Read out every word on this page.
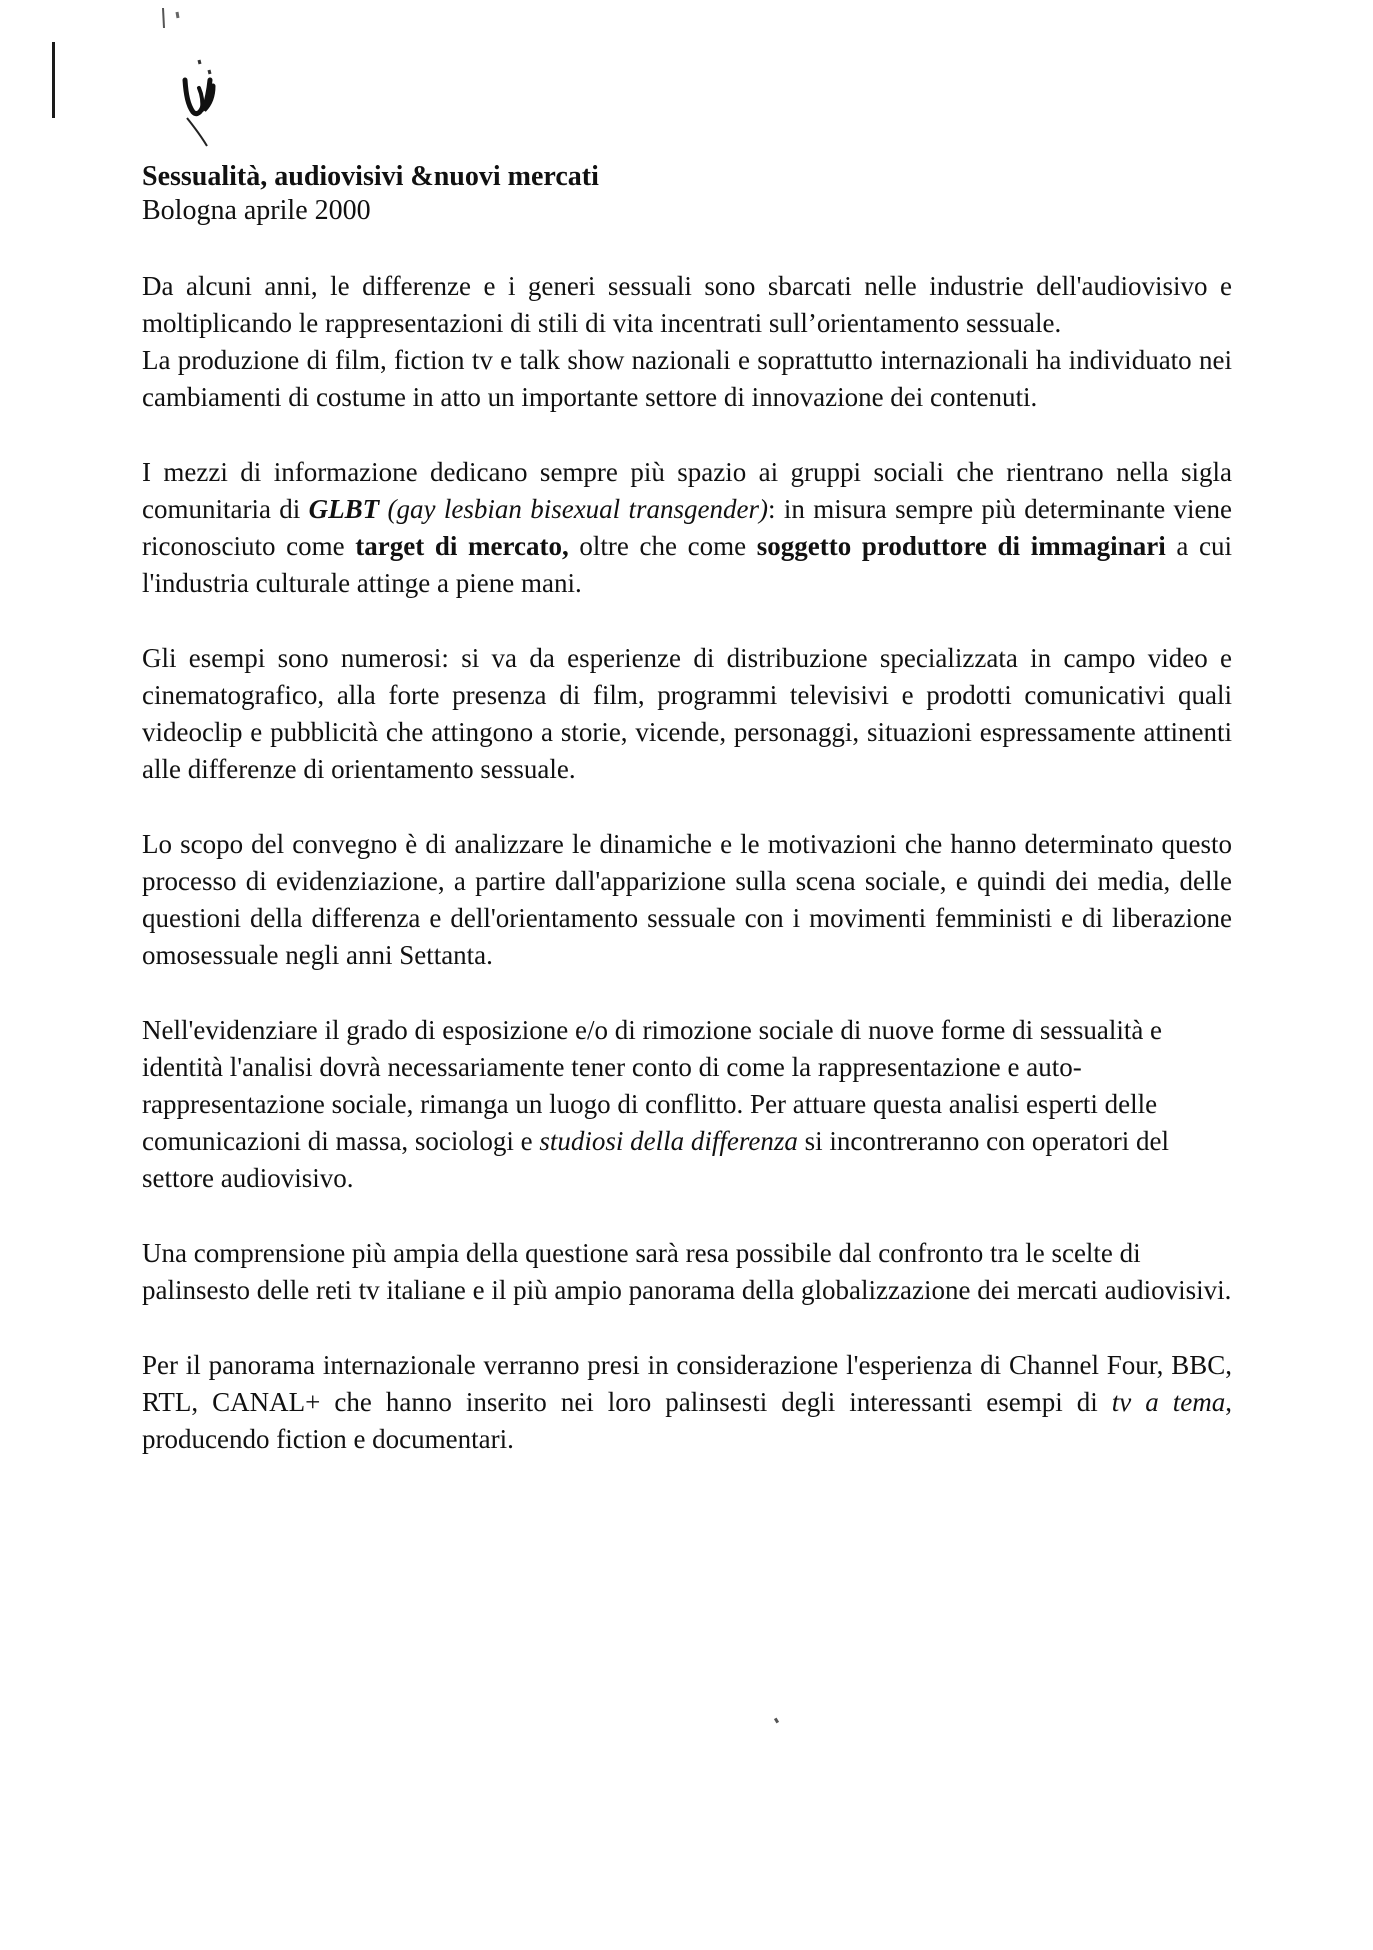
Sessualità, audiovisivi &nuovi mercati
Bologna aprile 2000

Da alcuni anni, le differenze e i generi sessuali sono sbarcati nelle industrie dell'audiovisivo e moltiplicando le rappresentazioni di stili di vita incentrati sull’orientamento sessuale.

La produzione di film, fiction tv e talk show nazionali e soprattutto internazionali ha individuato nei cambiamenti di costume in atto un importante settore di innovazione dei contenuti.

I mezzi di informazione dedicano sempre più spazio ai gruppi sociali che rientrano nella sigla comunitaria di GLBT (gay lesbian bisexual transgender): in misura sempre più determinante viene riconosciuto come target di mercato, oltre che come soggetto produttore di immaginari a cui l'industria culturale attinge a piene mani.

Gli esempi sono numerosi: si va da esperienze di distribuzione specializzata in campo video e cinematografico, alla forte presenza di film, programmi televisivi e prodotti comunicativi quali videoclip e pubblicità che attingono a storie, vicende, personaggi, situazioni espressamente attinenti alle differenze di orientamento sessuale.

Lo scopo del convegno è di analizzare le dinamiche e le motivazioni che hanno determinato questo processo di evidenziazione, a partire dall'apparizione sulla scena sociale, e quindi dei media, delle questioni della differenza e dell'orientamento sessuale con i movimenti femministi e di liberazione omosessuale negli anni Settanta.

Nell'evidenziare il grado di esposizione e/o di rimozione sociale di nuove forme di sessualità e identità l'analisi dovrà necessariamente tener conto di come la rappresentazione e auto-rappresentazione sociale, rimanga un luogo di conflitto. Per attuare questa analisi esperti delle comunicazioni di massa, sociologi e studiosi della differenza si incontreranno con operatori del settore audiovisivo.

Una comprensione più ampia della questione sarà resa possibile dal confronto tra le scelte di palinsesto delle reti tv italiane e il più ampio panorama della globalizzazione dei mercati audiovisivi.

Per il panorama internazionale verranno presi in considerazione l'esperienza di Channel Four, BBC, RTL, CANAL+ che hanno inserito nei loro palinsesti degli interessanti esempi di tv a tema, producendo fiction e documentari.
